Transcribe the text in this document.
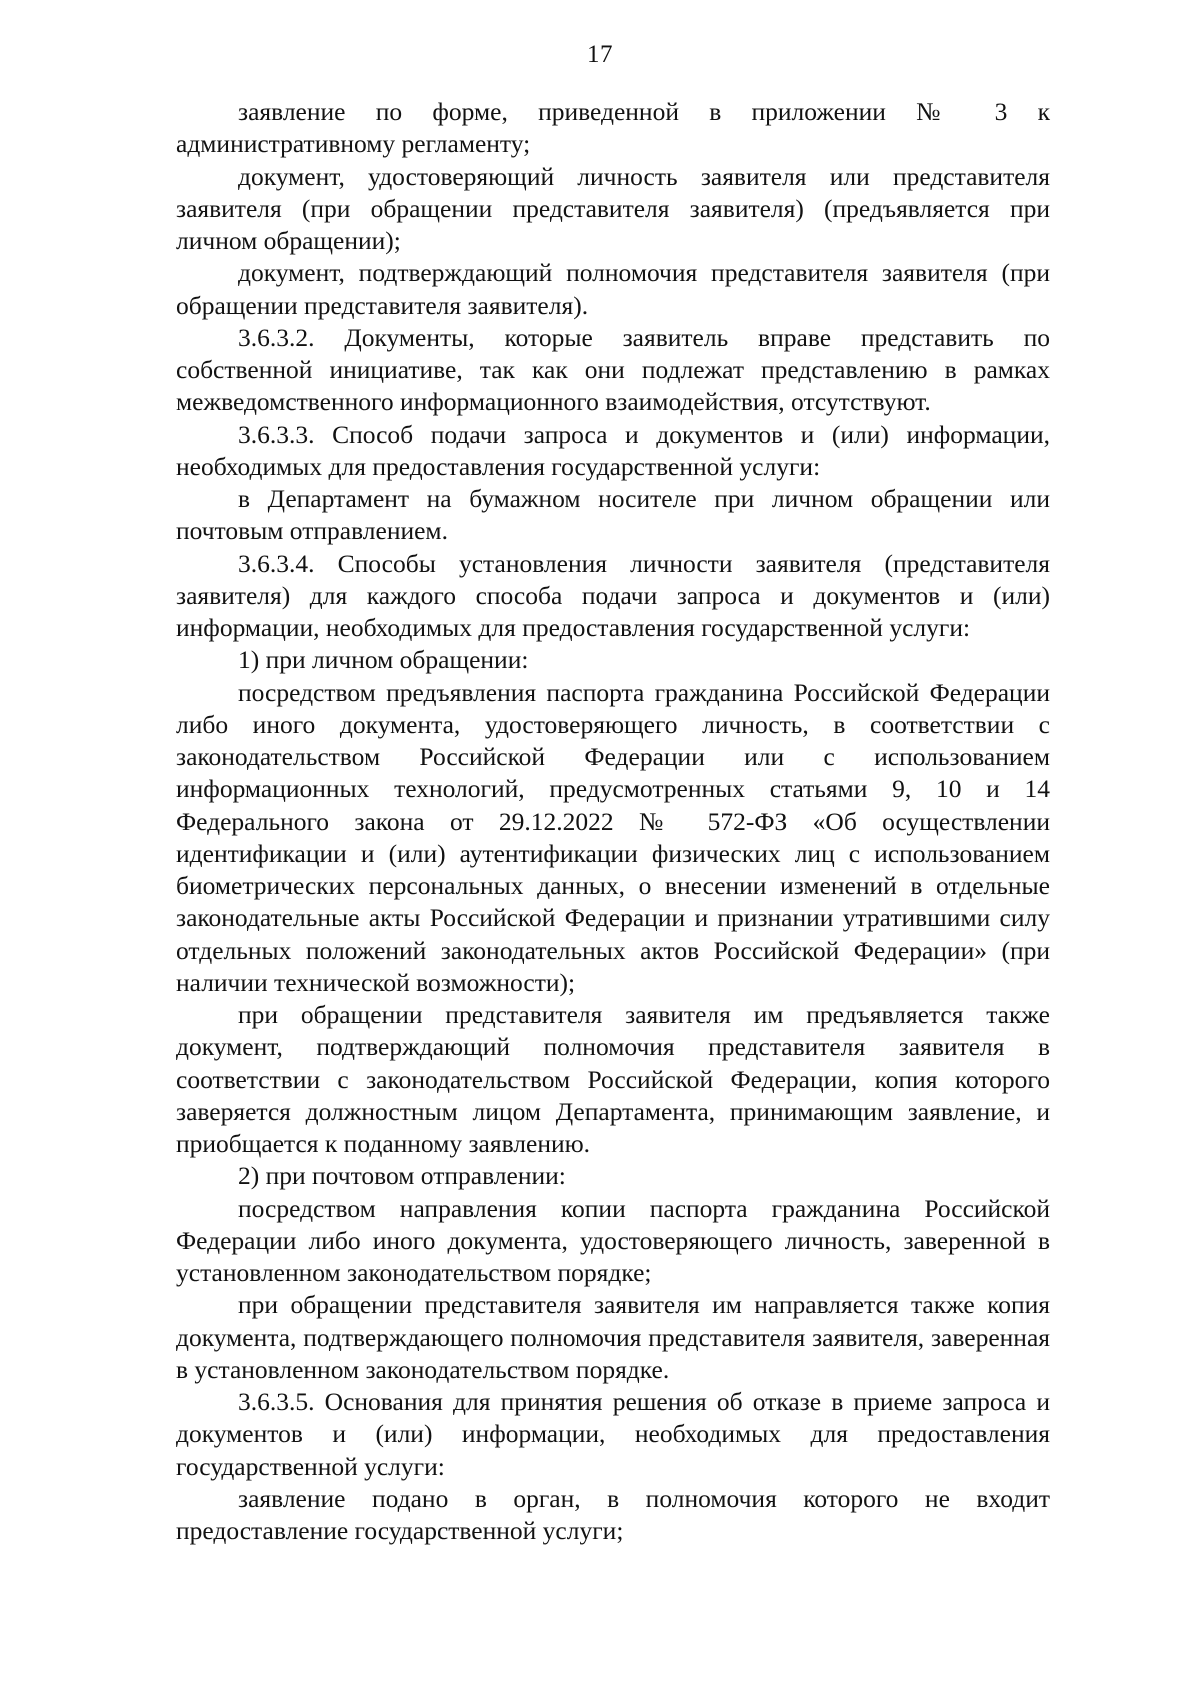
17

заявление по форме, приведенной в приложении № 3 к административному регламенту;

документ, удостоверяющий личность заявителя или представителя заявителя (при обращении представителя заявителя) (предъявляется при личном обращении);

документ, подтверждающий полномочия представителя заявителя (при обращении представителя заявителя).

3.6.3.2. Документы, которые заявитель вправе представить по собственной инициативе, так как они подлежат представлению в рамках межведомственного информационного взаимодействия, отсутствуют.

3.6.3.3. Способ подачи запроса и документов и (или) информации, необходимых для предоставления государственной услуги:

в Департамент на бумажном носителе при личном обращении или почтовым отправлением.

3.6.3.4. Способы установления личности заявителя (представителя заявителя) для каждого способа подачи запроса и документов и (или) информации, необходимых для предоставления государственной услуги:

1) при личном обращении:

посредством предъявления паспорта гражданина Российской Федерации либо иного документа, удостоверяющего личность, в соответствии с законодательством Российской Федерации или с использованием информационных технологий, предусмотренных статьями 9, 10 и 14 Федерального закона от 29.12.2022 № 572-ФЗ «Об осуществлении идентификации и (или) аутентификации физических лиц с использованием биометрических персональных данных, о внесении изменений в отдельные законодательные акты Российской Федерации и признании утратившими силу отдельных положений законодательных актов Российской Федерации» (при наличии технической возможности);

при обращении представителя заявителя им предъявляется также документ, подтверждающий полномочия представителя заявителя в соответствии с законодательством Российской Федерации, копия которого заверяется должностным лицом Департамента, принимающим заявление, и приобщается к поданному заявлению.

2) при почтовом отправлении:

посредством направления копии паспорта гражданина Российской Федерации либо иного документа, удостоверяющего личность, заверенной в установленном законодательством порядке;

при обращении представителя заявителя им направляется также копия документа, подтверждающего полномочия представителя заявителя, заверенная в установленном законодательством порядке.

3.6.3.5. Основания для принятия решения об отказе в приеме запроса и документов и (или) информации, необходимых для предоставления государственной услуги:

заявление подано в орган, в полномочия которого не входит предоставление государственной услуги;
